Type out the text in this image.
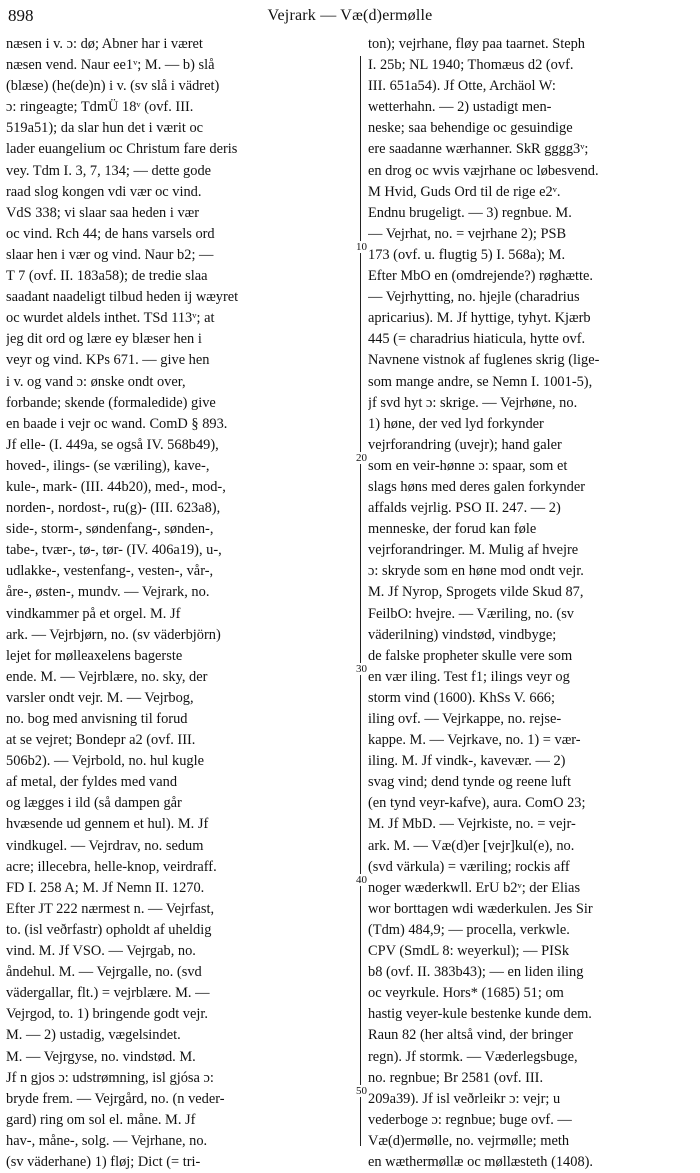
898	Vejrark — Væ(d)ermølle
næsen i v. ɔ: dø; Abner har i været
næsen vend. Naur ee1ᵛ; M. — b) slå
(blæse) (he(de)n) i v. (sv slå i vädret)
ɔ: ringeagte; TdmÜ 18ᵛ (ovf. III.
519a51); da slar hun det i værit oc
lader euangelium oc Christum fare deris
vey. Tdm I. 3, 7, 134; — dette gode
raad slog kongen vdi vær oc vind.
VdS 338; vi slaar saa heden i vær
oc vind. Rch 44; de hans varsels ord
slaar hen i vær og vind. Naur b2; —
T 7 (ovf. II. 183a58); de tredie slaa
saadant naadeligt tilbud heden ij wæyret
oc wurdet aldels inthet. TSd 113ᵛ; at
jeg dit ord og lære ey blæser hen i
veyr og vind. KPs 671. — give hen
i v. og vand ɔ: ønske ondt over,
forbande; skende (formaledide) give
en baade i vejr oc wand. ComD § 893.
Jf elle- (I. 449a, se også IV. 568b49),
hoved-, ilings- (se væriling), kave-,
kule-, mark- (III. 44b20), med-, mod-,
norden-, nordost-, ru(g)- (III. 623a8),
side-, storm-, søndenfang-, sønden-,
tabe-, tvær-, tø-, tør- (IV. 406a19), u-,
udlakke-, vestenfang-, vesten-, vår-,
åre-, østen-, mundv. — Vejrark, no.
vindkammer på et orgel. M. Jf
ark. — Vejrbjørn, no. (sv väderbjörn)
lejet for møllеaxelens bagerste
ende. M. — Vejrblære, no. sky, der
varsler ondt vejr. M. — Vejrbog,
no. bog med anvisning til forud
at se vejret; Bondepr a2 (ovf. III.
506b2). — Vejrbold, no. hul kugle
af metal, der fyldes med vand
og lægges i ild (så dampen går
hvæsende ud gennem et hul). M. Jf
vindkugel. — Vejrdrav, no. sedum
acre; illecebra, helle-knop, veirdraff.
FD I. 258 A; M. Jf Nemn II. 1270.
Efter JT 222 nærmest n. — Vejrfast,
to. (isl veðrfastr) opholdt af uheldig
vind. M. Jf VSO. — Vejrgab, no.
åndehul. M. — Vejrgalle, no. (svd
vädergallar, flt.) = vejrblære. M. —
Vejrgod, to. 1) bringende godt vejr.
M. — 2) ustadig, vægelsindet.
M. — Vejrgyse, no. vindstød. M.
Jf n gjos ɔ: udstrømning, isl gjósa ɔ:
bryde frem. — Vejrgård, no. (n veder-
gard) ring om sol el. måne. M. Jf
hav-, måne-, solg. — Vejrhane, no.
(sv väderhane) 1) fløj; Dict (= tri-
ton); vejrhane, fløy paa taarnet. Steph
I. 25b; NL 1940; Thomæus d2 (ovf.
III. 651a54). Jf Otte, Archäol W:
wetterhahn. — 2) ustadigt men-
neske; saa behendige oc gesuindige
ere saadanne wærhanner. SkR gggg3ᵛ;
en drog oc wvis væjrhane oc løbesvend.
M Hvid, Guds Ord til de rige e2ᵛ.
Endnu brugeligt. — 3) regnbue. M.
— Vejrhat, no. = vejrhane 2); PSB
173 (ovf. u. flugtig 5) I. 568a); M.
Efter MbO en (omdrejende?) røghætte.
— Vejrhytting, no. hjejle (charadrius
apricarius). M. Jf hyttige, tyhyt. Kjærb
445 (= charadrius hiaticula, hytte ovf.
Navnene vistnok af fuglenes skrig (lige-
som mange andre, se Nemn I. 1001-5),
jf svd hyt ɔ: skrige. — Vejrhøne, no.
1) høne, der ved lyd forkynder
vejrforandring (uvejr); hand galer
som en veir-hønne ɔ: spaar, som et
slags høns med deres galen forkynder
affalds vejrlig. PSO II. 247. — 2)
menneske, der forud kan føle
vejrforandringer. M. Mulig af hvejre
ɔ: skryde som en høne mod ondt vejr.
M. Jf Nyrop, Sprogets vilde Skud 87,
FeilbO: hvejre. — Væriling, no. (sv
väderilning) vindstød, vindbyge;
de falske propheter skulle vere som
en vær iling. Test f1; ilings veyr og
storm vind (1600). KhSs V. 666;
iling ovf. — Vejrkappe, no. rejse-
kappe. M. — Vejrkave, no. 1) = vær-
iling. M. Jf vindk-, kavevær. — 2)
svag vind; dend tynde og reene luft
(en tynd veyr-kafve), aura. ComO 23;
M. Jf MbD. — Vejrkiste, no. = vejr-
ark. M. — Væ(d)er [vejr]kul(e), no.
(svd värkula) = væriling; rockis aff
noger wæderkwll. ErU b2ᵛ; der Elias
wor borttagen wdi wæderkulen. Jes Sir
(Tdm) 484,9; — procella, verkwle.
CPV (SmdL 8: weyerkul); — PISk
b8 (ovf. II. 383b43); — en liden iling
oc veyrkule. Hors* (1685) 51; om
hastig veyer-kule bestenke kunde dem.
Raun 82 (her altså vind, der bringer
regn). Jf stormk. — Væderlegsbuge,
no. regnbue; Br 2581 (ovf. III.
209a39). Jf isl veðrleikr ɔ: vejr; u
vederboge ɔ: regnbue; buge ovf. —
Væ(d)ermølle, no. vejrmølle; meth
en wæthermøllæ oc møllæsteth (1408).
10
20
30
40
50
